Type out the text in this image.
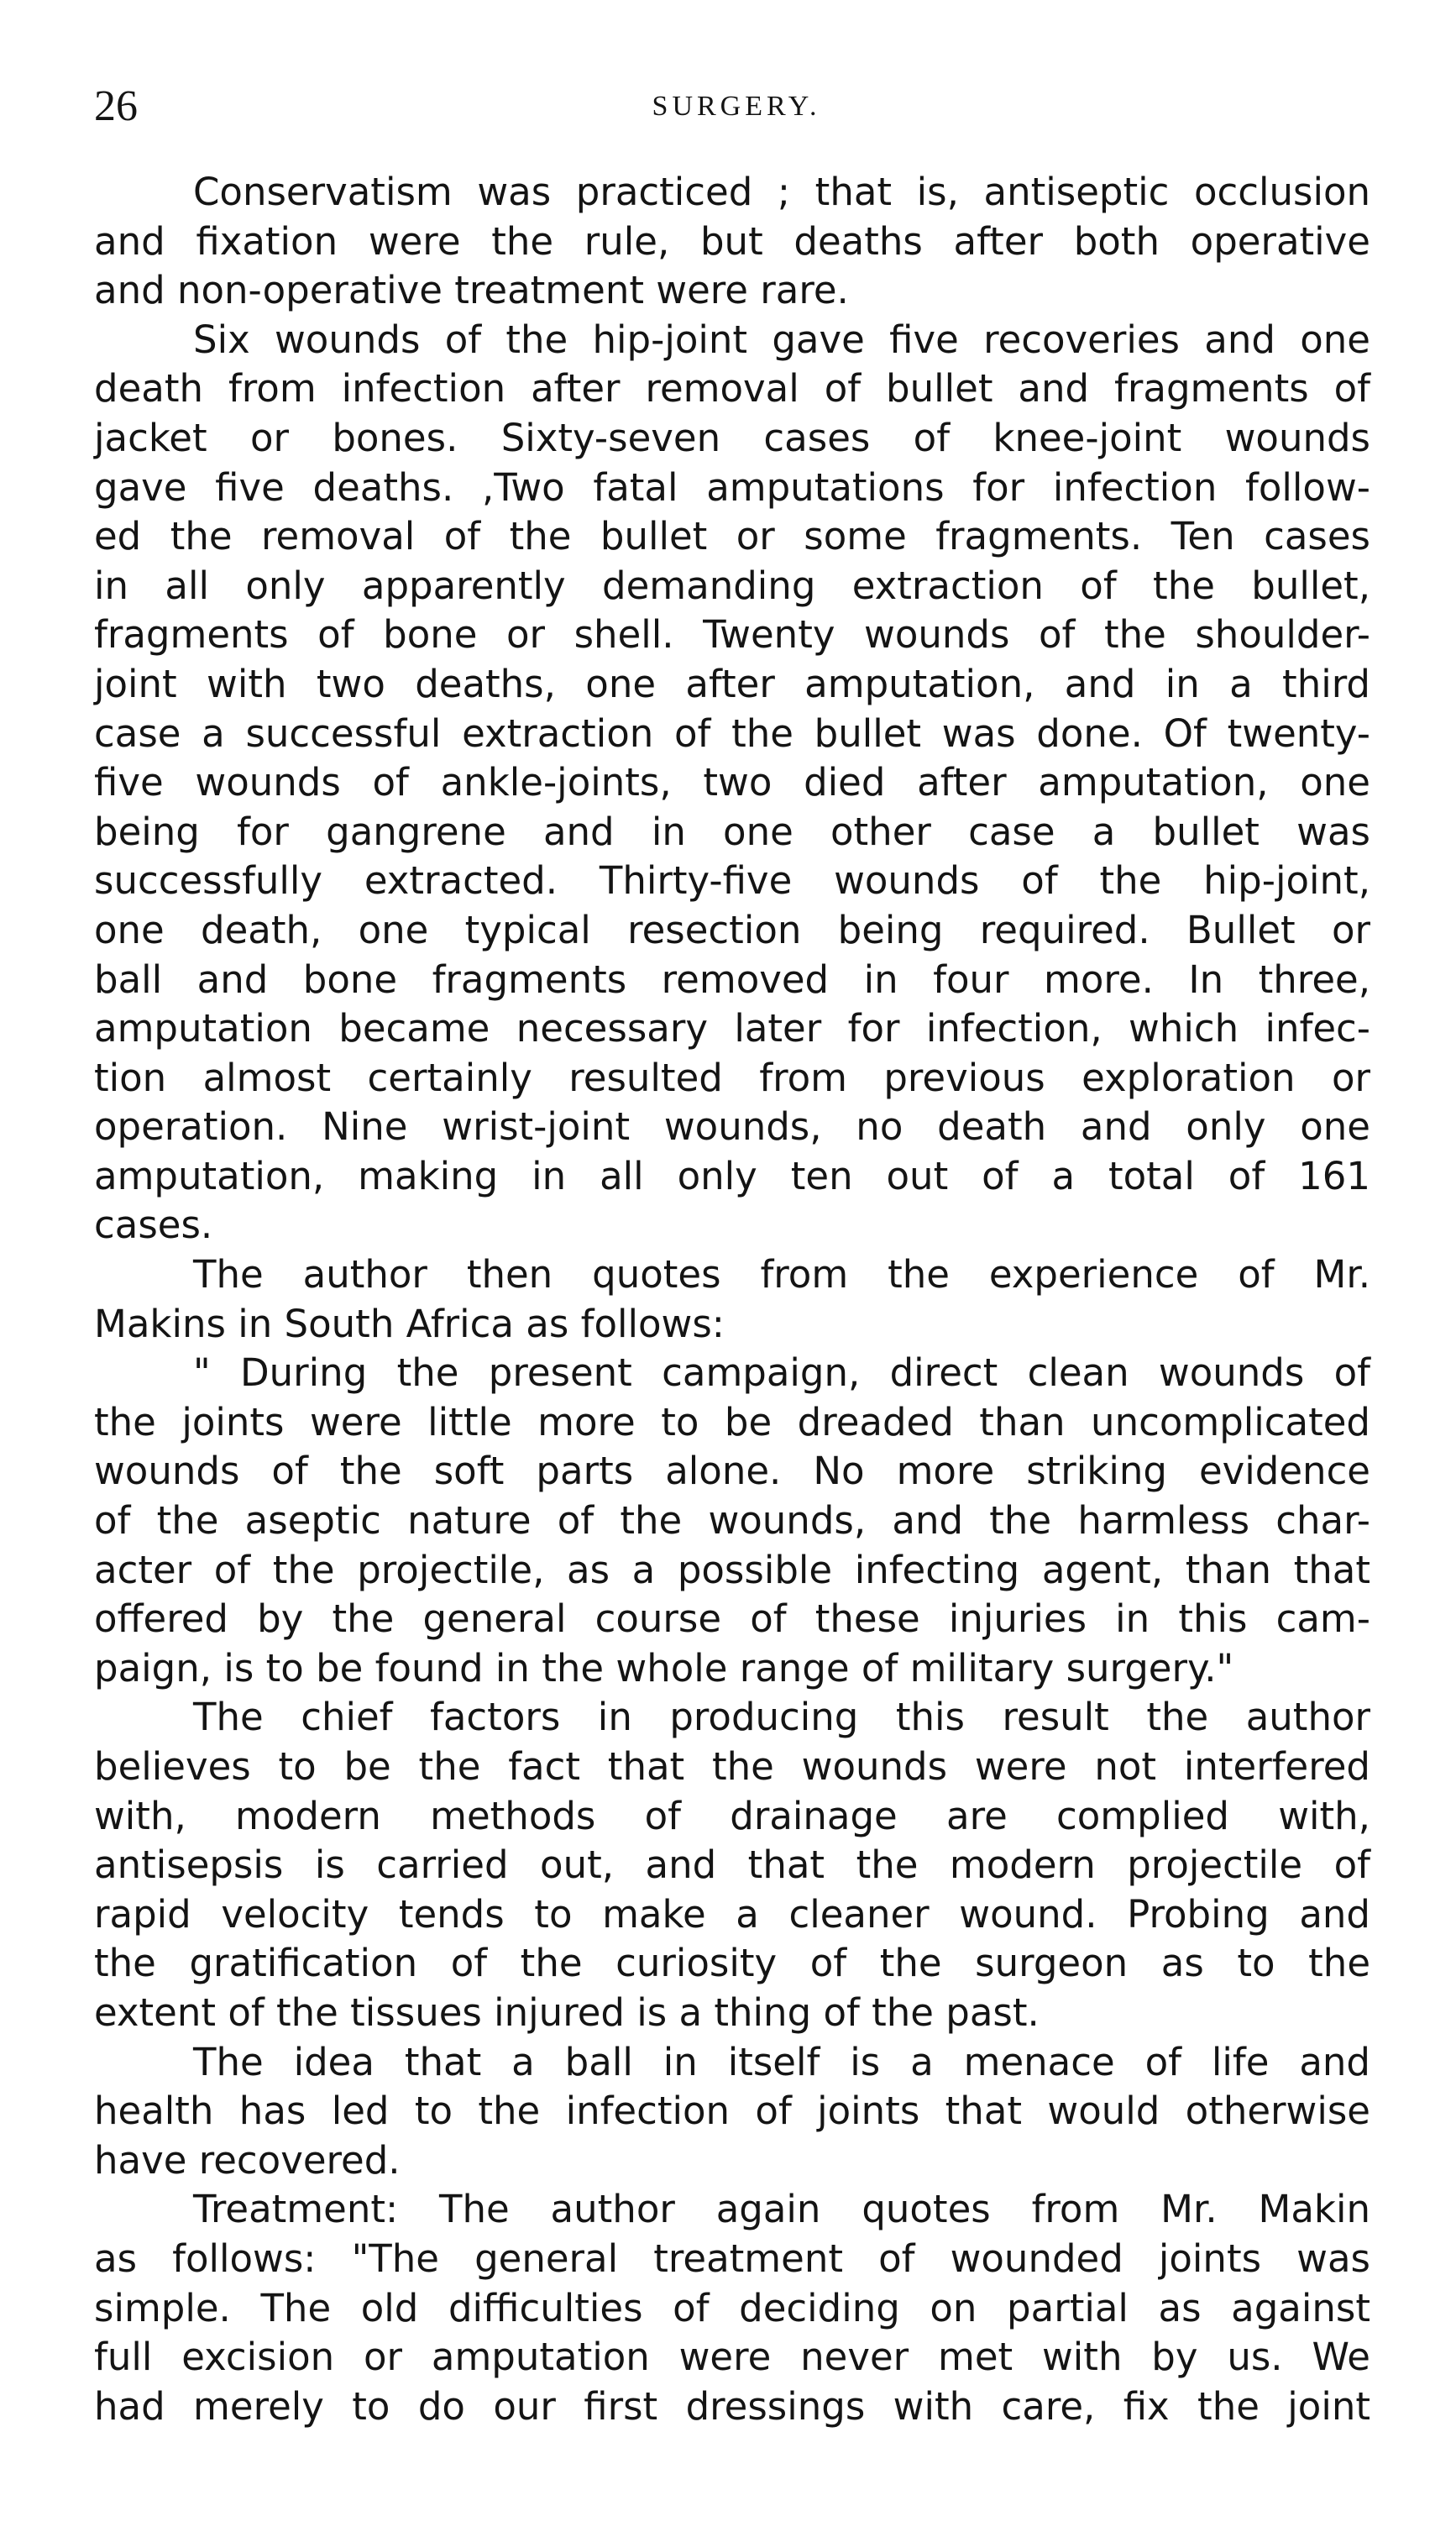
26	SURGERY.
Conservatism was practiced ; that is, antiseptic occlusion
and fixation were the rule, but deaths after both operative
and non-operative treatment were rare.
Six wounds of the hip-joint gave five recoveries and one
death from infection after removal of bullet and fragments of
jacket or bones. Sixty-seven cases of knee-joint wounds
gave five deaths. ,Two fatal amputations for infection follow-
ed the removal of the bullet or some fragments. Ten cases
in all only apparently demanding extraction of the bullet,
fragments of bone or shell. Twenty wounds of the shoulder-
joint with two deaths, one after amputation, and in a third
case a successful extraction of the bullet was done. Of twenty-
five wounds of ankle-joints, two died after amputation, one
being for gangrene and in one other case a bullet was
successfully extracted. Thirty-five wounds of the hip-joint,
one death, one typical resection being required. Bullet or
ball and bone fragments removed in four more. In three,
amputation became necessary later for infection, which infec-
tion almost certainly resulted from previous exploration or
operation. Nine wrist-joint wounds, no death and only one
amputation, making in all only ten out of a total of 161
cases.
The author then quotes from the experience of Mr.
Makins in South Africa as follows:
" During the present campaign, direct clean wounds of
the joints were little more to be dreaded than uncomplicated
wounds of the soft parts alone. No more striking evidence
of the aseptic nature of the wounds, and the harmless char-
acter of the projectile, as a possible infecting agent, than that
offered by the general course of these injuries in this cam-
paign, is to be found in the whole range of military surgery."
The chief factors in producing this result the author
believes to be the fact that the wounds were not interfered
with, modern methods of drainage are complied with,
antisepsis is carried out, and that the modern projectile of
rapid velocity tends to make a cleaner wound. Probing and
the gratification of the curiosity of the surgeon as to the
extent of the tissues injured is a thing of the past.
The idea that a ball in itself is a menace of life and
health has led to the infection of joints that would otherwise
have recovered.
Treatment: The author again quotes from Mr. Makin
as follows: "The general treatment of wounded joints was
simple. The old difficulties of deciding on partial as against
full excision or amputation were never met with by us. We
had merely to do our first dressings with care, fix the joint
